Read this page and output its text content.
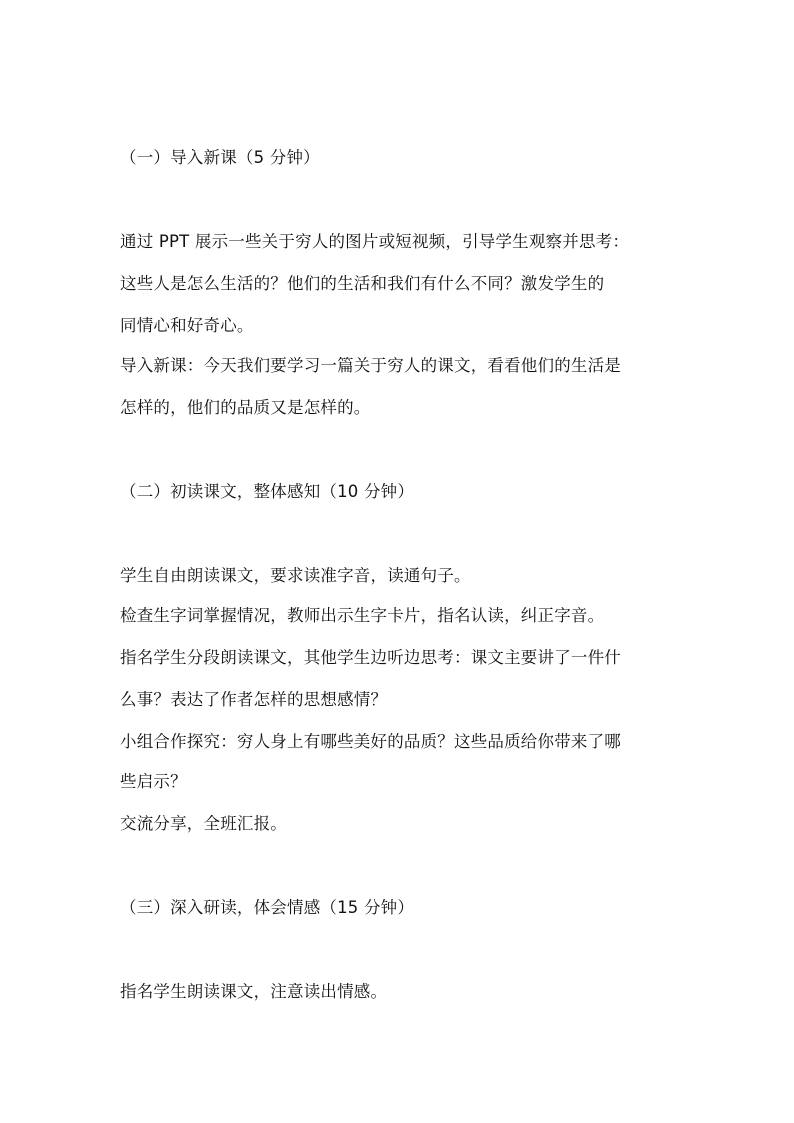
（一）导入新课（5 分钟）
通过 PPT 展示一些关于穷人的图片或短视频，引导学生观察并思考：
这些人是怎么生活的？他们的生活和我们有什么不同？激发学生的
同情心和好奇心。
导入新课：今天我们要学习一篇关于穷人的课文，看看他们的生活是
怎样的，他们的品质又是怎样的。
（二）初读课文，整体感知（10 分钟）
学生自由朗读课文，要求读准字音，读通句子。
检查生字词掌握情况，教师出示生字卡片，指名认读，纠正字音。
指名学生分段朗读课文，其他学生边听边思考：课文主要讲了一件什
么事？表达了作者怎样的思想感情？
小组合作探究：穷人身上有哪些美好的品质？这些品质给你带来了哪
些启示？
交流分享，全班汇报。
（三）深入研读，体会情感（15 分钟）
指名学生朗读课文，注意读出情感。
